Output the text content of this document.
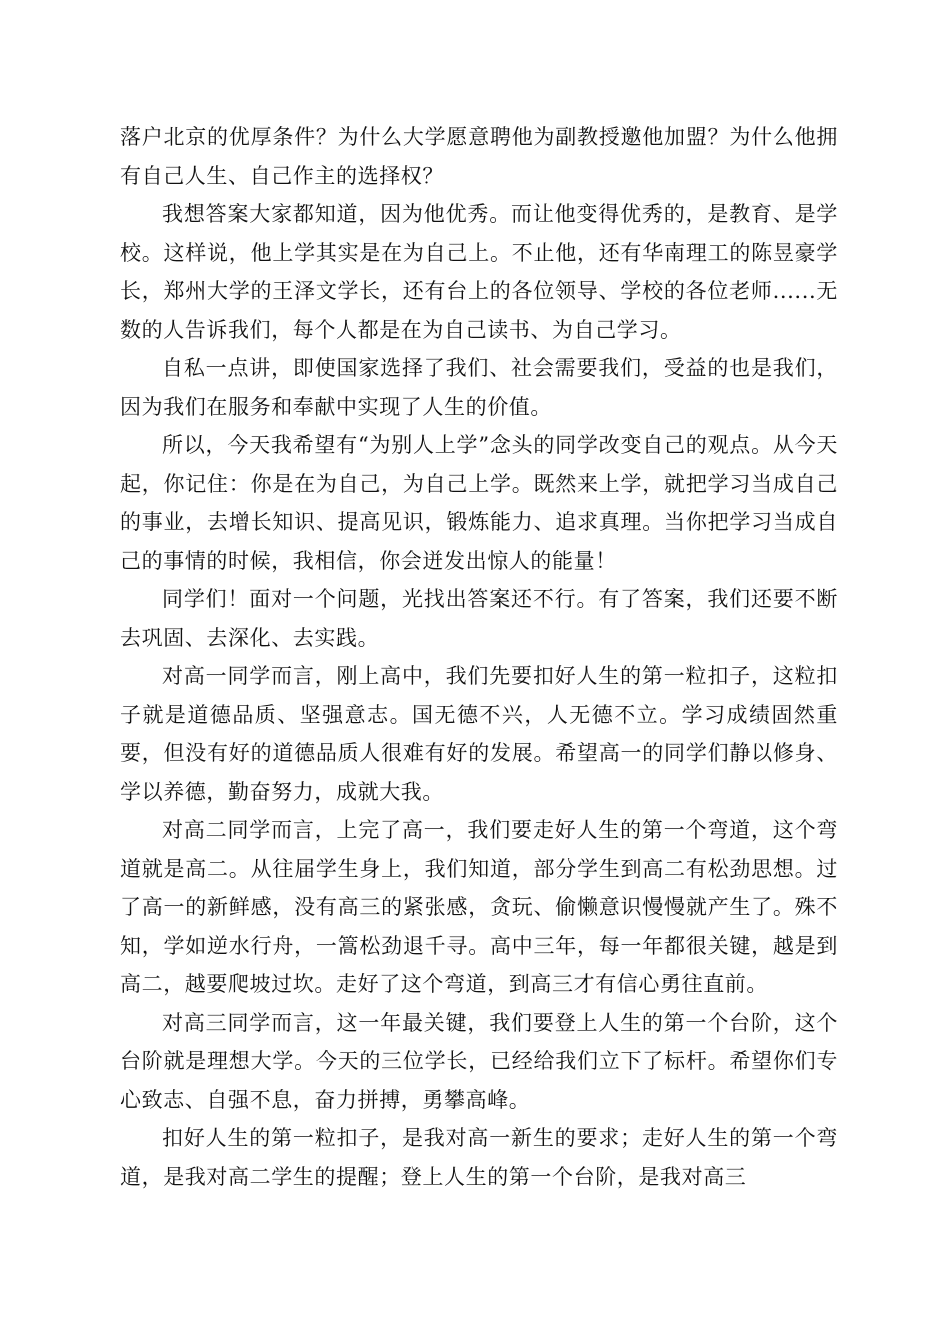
落户北京的优厚条件？为什么大学愿意聘他为副教授邀他加盟？为什么他拥有自己人生、自己作主的选择权？

我想答案大家都知道，因为他优秀。而让他变得优秀的，是教育、是学校。这样说，他上学其实是在为自己上。不止他，还有华南理工的陈昱豪学长，郑州大学的王泽文学长，还有台上的各位领导、学校的各位老师......无数的人告诉我们，每个人都是在为自己读书、为自己学习。

自私一点讲，即使国家选择了我们、社会需要我们，受益的也是我们，因为我们在服务和奉献中实现了人生的价值。

所以，今天我希望有“为别人上学”念头的同学改变自己的观点。从今天起，你记住：你是在为自己，为自己上学。既然来上学，就把学习当成自己的事业，去增长知识、提高见识，锻炼能力、追求真理。当你把学习当成自己的事情的时候，我相信，你会迸发出惊人的能量！

同学们！面对一个问题，光找出答案还不行。有了答案，我们还要不断去巩固、去深化、去实践。

对高一同学而言，刚上高中，我们先要扣好人生的第一粒扣子，这粒扣子就是道德品质、坚强意志。国无德不兴，人无德不立。学习成绩固然重要，但没有好的道德品质人很难有好的发展。希望高一的同学们静以修身、学以养德，勤奋努力，成就大我。

对高二同学而言，上完了高一，我们要走好人生的第一个弯道，这个弯道就是高二。从往届学生身上，我们知道，部分学生到高二有松劲思想。过了高一的新鲜感，没有高三的紧张感，贪玩、偷懒意识慢慢就产生了。殊不知，学如逆水行舟，一篙松劲退千寻。高中三年，每一年都很关键，越是到高二，越要爬坡过坎。走好了这个弯道，到高三才有信心勇往直前。

对高三同学而言，这一年最关键，我们要登上人生的第一个台阶，这个台阶就是理想大学。今天的三位学长，已经给我们立下了标杆。希望你们专心致志、自强不息，奋力拼搏，勇攀高峰。

扣好人生的第一粒扣子，是我对高一新生的要求；走好人生的第一个弯道，是我对高二学生的提醒；登上人生的第一个台阶，是我对高三
